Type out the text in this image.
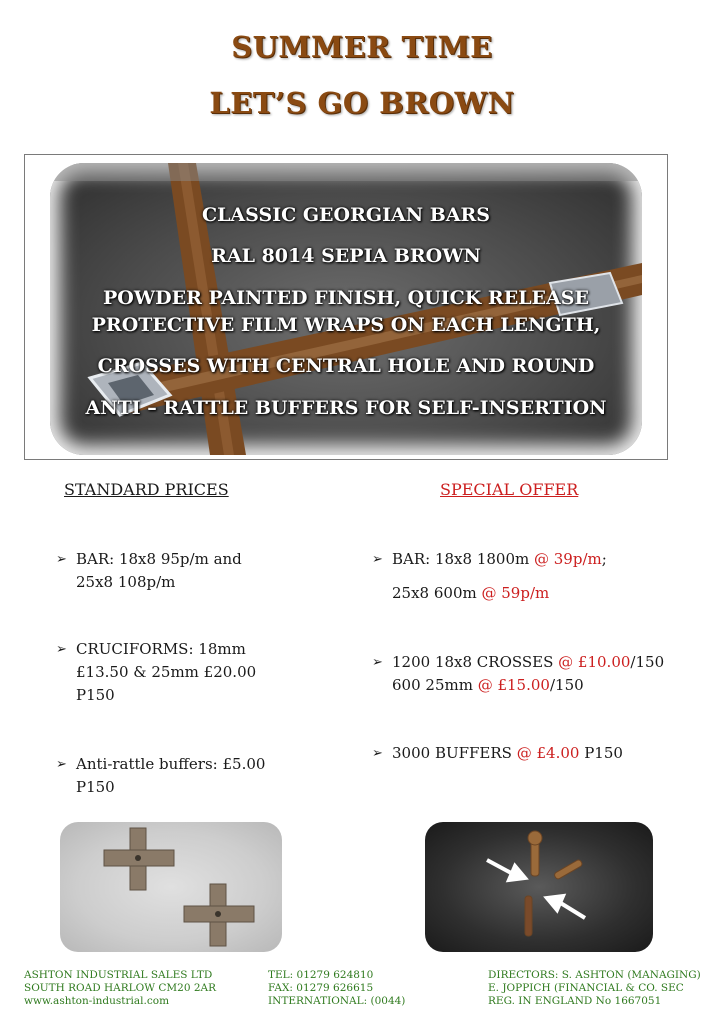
SUMMER TIME
LET’S GO BROWN
CLASSIC GEORGIAN BARS
RAL 8014 SEPIA BROWN
POWDER PAINTED FINISH, QUICK RELEASE
PROTECTIVE FILM WRAPS ON EACH LENGTH,
CROSSES WITH CENTRAL HOLE AND ROUND
ANTI – RATTLE BUFFERS FOR SELF-INSERTION
STANDARD PRICES	SPECIAL OFFER
➢ BAR: 18x8 95p/m and
25x8 108p/m
➢ CRUCIFORMS: 18mm
£13.50 & 25mm £20.00
P150
➢ Anti-rattle buffers: £5.00
P150
➢ BAR: 18x8 1800m @ 39p/m;
25x8 600m @ 59p/m
➢ 1200 18x8 CROSSES @ £10.00/150
600 25mm @ £15.00/150
➢ 3000 BUFFERS @ £4.00 P150
ASHTON INDUSTRIAL SALES LTD
SOUTH ROAD HARLOW CM20 2AR
www.ashton-industrial.com
TEL: 01279 624810
FAX: 01279 626615
INTERNATIONAL: (0044)
DIRECTORS: S. ASHTON (MANAGING)
E. JOPPICH (FINANCIAL & CO. SEC
REG. IN ENGLAND No 1667051
